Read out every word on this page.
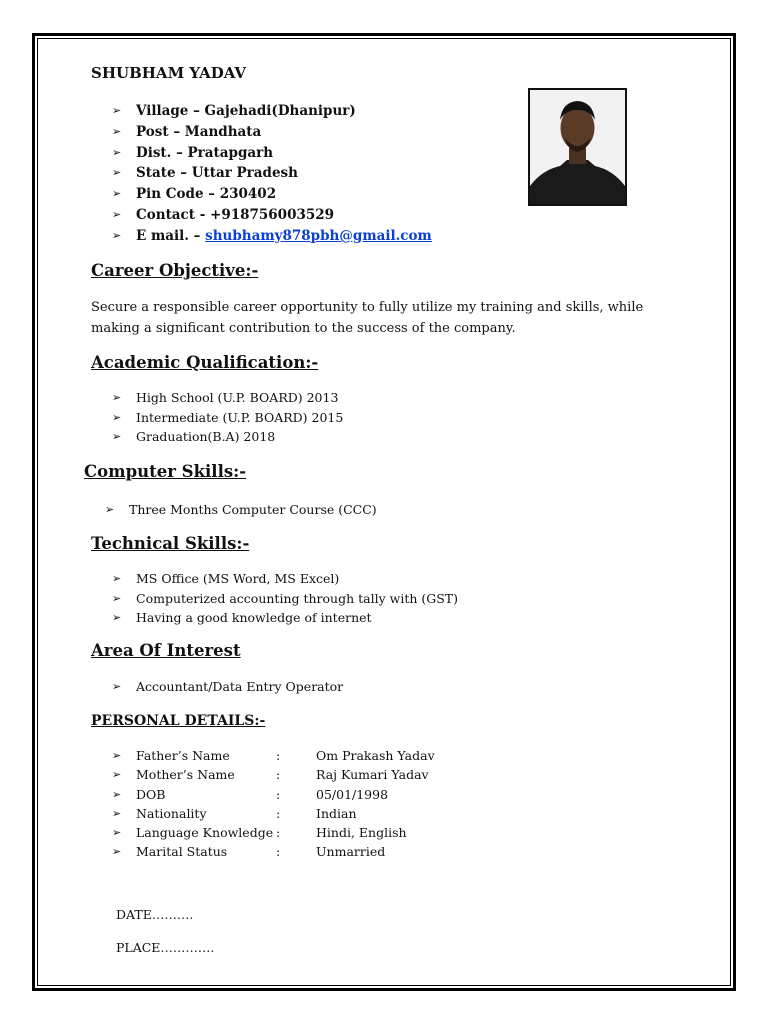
SHUBHAM YADAV
➢ Village – Gajehadi(Dhanipur)
➢ Post – Mandhata
➢ Dist. – Pratapgarh
➢ State – Uttar Pradesh
➢ Pin Code – 230402
➢ Contact - +918756003529
➢ E mail. – shubhamy878pbh@gmail.com
Career Objective:-
Secure a responsible career opportunity to fully utilize my training and skills, while
making a significant contribution to the success of the company.
Academic Qualification:-
➢ High School (U.P. BOARD) 2013
➢ Intermediate (U.P. BOARD) 2015
➢ Graduation(B.A) 2018
Computer Skills:-
➢ Three Months Computer Course (CCC)
Technical Skills:-
➢ MS Office (MS Word, MS Excel)
➢ Computerized accounting through tally with (GST)
➢ Having a good knowledge of internet
Area Of Interest
➢ Accountant/Data Entry Operator
PERSONAL DETAILS:-
➢ Father’s Name	:	Om Prakash Yadav
➢ Mother’s Name	:	Raj Kumari Yadav
➢ DOB	:	05/01/1998
➢ Nationality	:	Indian
➢ Language Knowledge :	Hindi, English
➢ Marital Status	:	Unmarried
DATE……….
PLACE………….
